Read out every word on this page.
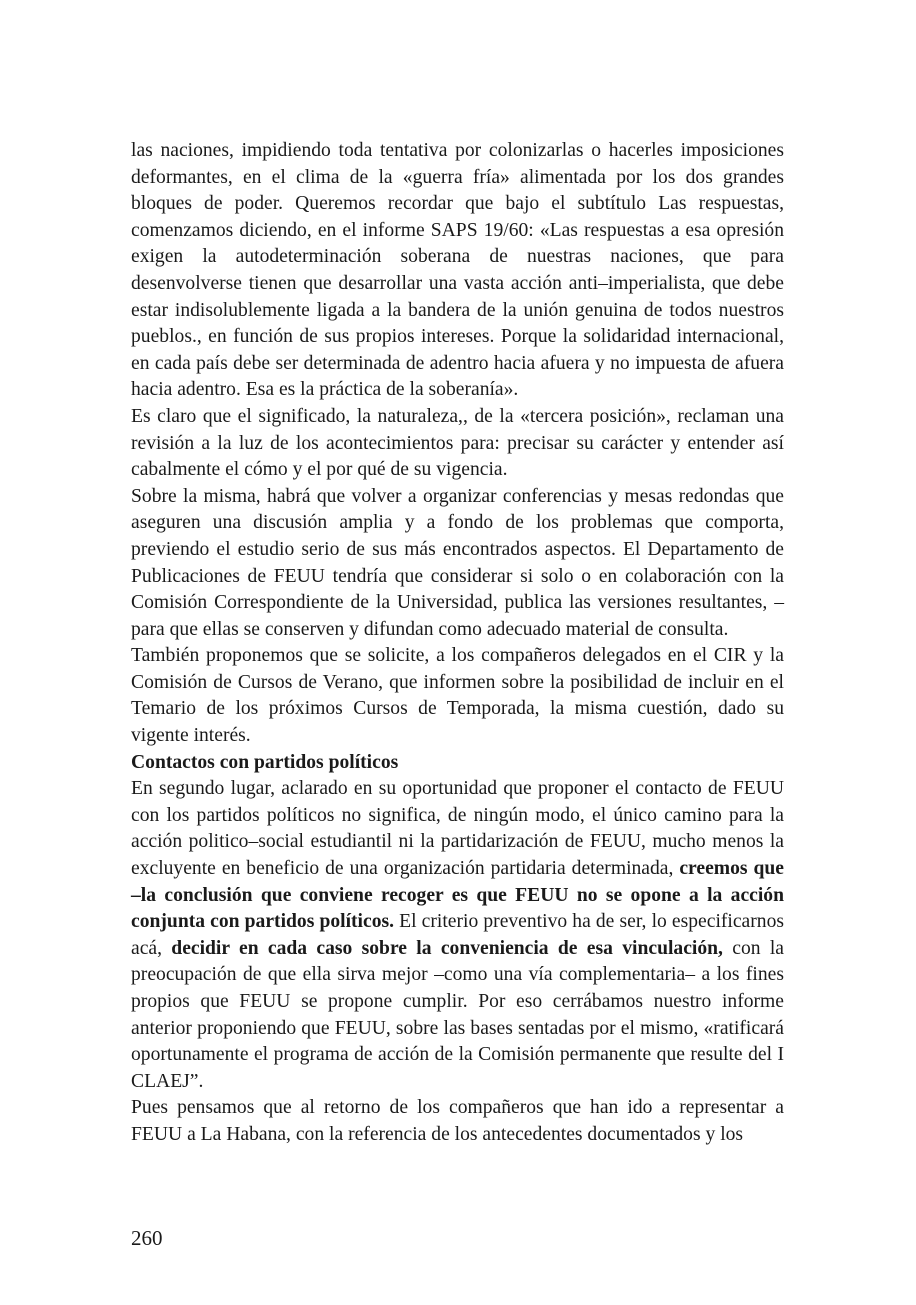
las naciones, impidiendo toda tentativa por colonizarlas o hacerles imposiciones deformantes, en el clima de la «guerra fría» alimentada por los dos grandes bloques de poder. Queremos recordar que bajo el subtítulo Las respuestas, comenzamos diciendo, en el informe SAPS 19/60: «Las respuestas a esa opresión exigen la autodeterminación soberana de nuestras naciones, que para desenvolverse tienen que desarrollar una vasta acción anti–imperialista, que debe estar indisolublemente ligada a la bandera de la unión genuina de todos nuestros pueblos., en función de sus propios intereses. Porque la solidaridad internacional, en cada país debe ser determinada de adentro hacia afuera y no impuesta de afuera hacia adentro. Esa es la práctica de la soberanía».

Es claro que el significado, la naturaleza,, de la «tercera posición», reclaman una revisión a la luz de los acontecimientos para: precisar su carácter y entender así cabalmente el cómo y el por qué de su vigencia.

Sobre la misma, habrá que volver a organizar conferencias y mesas redondas que aseguren una discusión amplia y a fondo de los problemas que comporta, previendo el estudio serio de sus más encontrados aspectos. El Departamento de Publicaciones de FEUU tendría que considerar si solo o en colaboración con la Comisión Correspondiente de la Universidad, publica las versiones resultantes, –para que ellas se conserven y difundan como adecuado material de consulta.

También proponemos que se solicite, a los compañeros delegados en el CIR y la Comisión de Cursos de Verano, que informen sobre la posibilidad de incluir en el Temario de los próximos Cursos de Temporada, la misma cuestión, dado su vigente interés.

Contactos con partidos políticos

En segundo lugar, aclarado en su oportunidad que proponer el contacto de FEUU con los partidos políticos no significa, de ningún modo, el único camino para la acción politico–social estudiantil ni la partidarización de FEUU, mucho menos la excluyente en beneficio de una organización partidaria determinada, creemos que –la conclusión que conviene recoger es que FEUU no se opone a la acción conjunta con partidos políticos. El criterio preventivo ha de ser, lo especificarnos acá, decidir en cada caso sobre la conveniencia de esa vinculación, con la preocupación de que ella sirva mejor –como una vía complementaria– a los fines propios que FEUU se propone cumplir. Por eso cerrábamos nuestro informe anterior proponiendo que FEUU, sobre las bases sentadas por el mismo, «ratificará oportunamente el programa de acción de la Comisión permanente que resulte del I CLAEJ”.

Pues pensamos que al retorno de los compañeros que han ido a representar a FEUU a La Habana, con la referencia de los antecedentes documentados y los

260
